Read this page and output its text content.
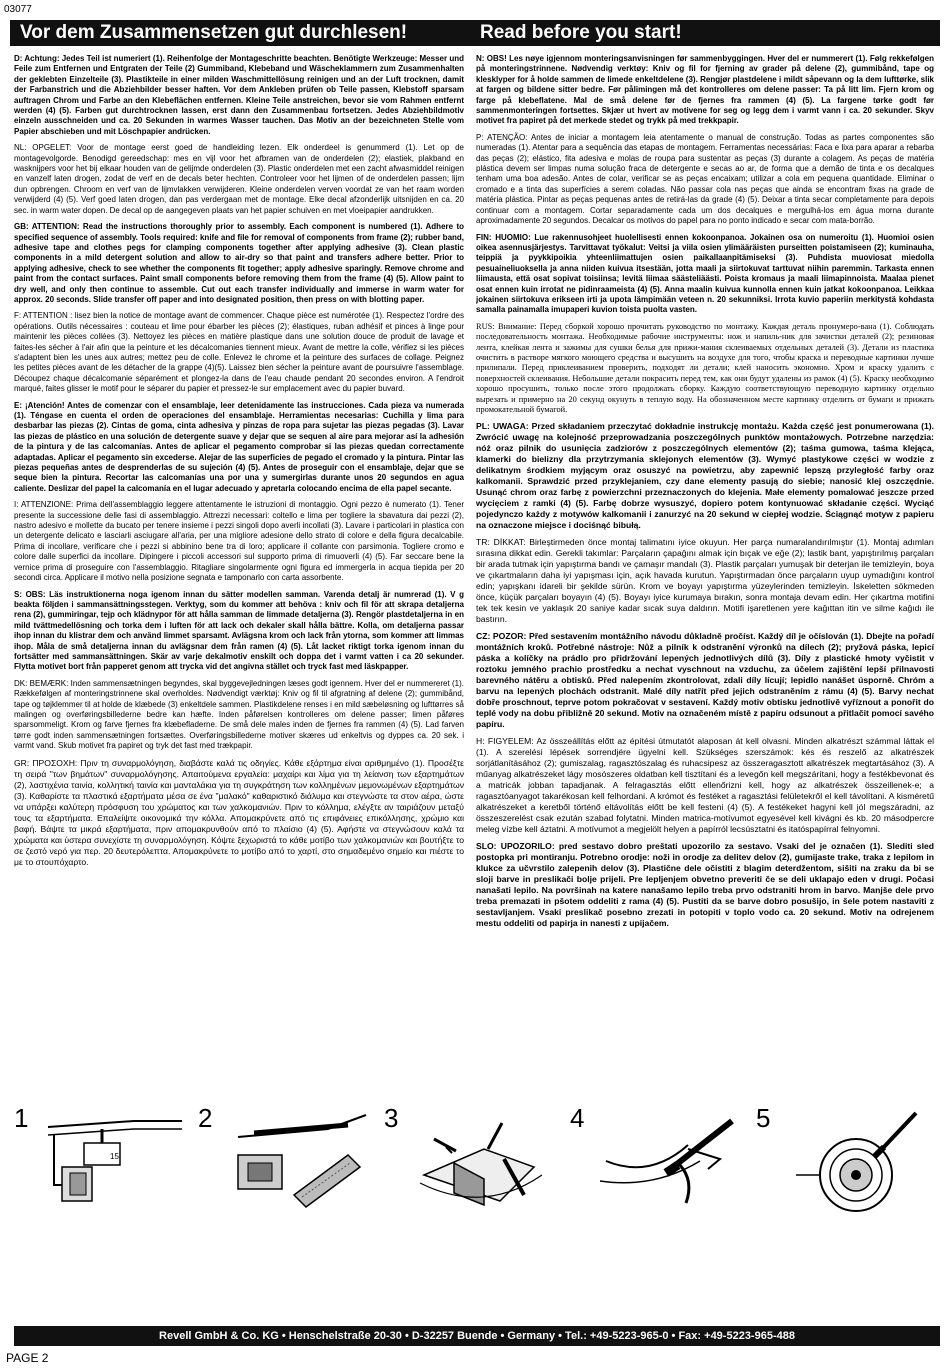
03077
Vor dem Zusammensetzen gut durchlesen!	Read before you start!

D: Achtung: Jedes Teil ist numeriert (1). Reihenfolge der Montageschritte beachten. Benötigte Werkzeuge: Messer und Feile zum Entfernen und Entgraten der Teile (2) Gummiband, Klebeband und Wäscheklammern zum Zusammenhalten der geklebten Einzelteile (3). Plastikteile in einer milden Waschmittellösung reinigen und an der Luft trocknen, damit der Farbanstrich und die Abziehbilder besser haften. Vor dem Ankleben prüfen ob Teile passen, Klebstoff sparsam auftragen Chrom und Farbe an den Klebeflächen entfernen. Kleine Teile anstreichen, bevor sie vom Rahmen entfernt werden (4) (5). Farben gut durchtrocknen lassen, erst dann den Zusammenbau fortsetzen. Jedes Abziehbildmotiv einzeln ausschneiden und ca. 20 Sekunden in warmes Wasser tauchen. Das Motiv an der bezeichneten Stelle vom Papier abschieben und mit Löschpapier andrücken.

NL: OPGELET: Voor de montage eerst goed de handleiding lezen. Elk onderdeel is genummerd (1). Let op de montagevolgorde. Benodigd gereedschap: mes en vijl voor het afbramen van de onderdelen (2); elastiek, plakband en wasknijpers voor het bij elkaar houden van de gelijmde onderdelen (3). Plastic onderdelen met een zacht afwasmiddel reinigen en vanzelf laten drogen, zodat de verf en de decals beter hechten. Controleer voor het lijmen of de onderdelen passen; lijm dun opbrengen. Chroom en verf van de lijmvlakken verwijderen. Kleine onderdelen verven voordat ze van het raam worden verwijderd (4) (5). Verf goed laten drogen, dan pas verdergaan met de montage. Elke decal afzonderlijk uitsnijden en ca. 20 sec. in warm water dopen. De decal op de aangegeven plaats van het papier schuiven en met vloeipapier aandrukken.

GB: ATTENTION: Read the instructions thoroughly prior to assembly. Each component is numbered (1). Adhere to specified sequence of assembly. Tools required: knife and file for removal of components from frame (2); rubber band, adhesive tape and clothes pegs for clamping components together after applying adhesive (3). Clean plastic components in a mild detergent solution and allow to air-dry so that paint and transfers adhere better. Prior to applying adhesive, check to see whether the components fit together; apply adhesive sparingly. Remove chrome and paint from the contact surfaces. Paint small components before removing them from the frame (4) (5). Allow paint to dry well, and only then continue to assemble. Cut out each transfer individually and immerse in warm water for approx. 20 seconds. Slide transfer off paper and into designated position, then press on with blotting paper.

F: ATTENTION : lisez bien la notice de montage avant de commencer. Chaque pièce est numérotée (1). Respectez l'ordre des opérations. Outils nécessaires : couteau et lime pour ébarber les pièces (2); élastiques, ruban adhésif et pinces à linge pour maintenir les pièces collées (3). Nettoyez les pièces en matière plastique dans une solution douce de produit de lavage et faites-les sécher à l'air afin que la peinture et les décalcomanies tiennent mieux. Avant de mettre la colle, vérifiez si les pièces s'adaptent bien les unes aux autres; mettez peu de colle. Enlevez le chrome et la peinture des surfaces de collage. Peignez les petites pièces avant de les détacher de la grappe (4)(5). Laissez bien sécher la peinture avant de poursuivre l'assemblage. Découpez chaque décalcomanie séparément et plongez-la dans de l'eau chaude pendant 20 secondes environ. A l'endroit marqué, faites glisser le motif pour le séparer du papier et pressez-le sur emplacement avec du papier buvard.

E: ¡Atención! Antes de comenzar con el ensamblaje, leer detenidamente las instrucciones. Cada pieza va numerada (1). Téngase en cuenta el orden de operaciones del ensamblaje. Herramientas necesarias: Cuchilla y lima para desbarbar las piezas (2). Cintas de goma, cinta adhesiva y pinzas de ropa para sujetar las piezas pegadas (3). Lavar las piezas de plástico en una solución de detergente suave y dejar que se sequen al aire para mejorar así la adhesión de la pintura y de las calcomanías. Antes de aplicar el pegamento comprobar si las piezas quedan correctamente adaptadas. Aplicar el pegamento sin excederse. Alejar de las superficies de pegado el cromado y la pintura. Pintar las piezas pequeñas antes de desprenderlas de su sujeción (4) (5). Antes de proseguir con el ensamblaje, dejar que se seque bien la pintura. Recortar las calcomanías una por una y sumergirlas durante unos 20 segundos en agua caliente. Deslizar del papel la calcomanía en el lugar adecuado y apretarla colocando encima de ella papel secante.

I: ATTENZIONE: Prima dell'assemblaggio leggere attentamente le istruzioni di montaggio. Ogni pezzo è numerato (1). Tener presente la successione delle fasi di assemblaggio. Attrezzi necessari: coltello e lima per togliere la sbavatura dai pezzi (2), nastro adesivo e mollette da bucato per tenere insieme i pezzi singoli dopo averli incollati (3). Lavare i particolari in plastica con un detergente delicato e lasciarli asciugare all'aria, per una migliore adesione dello strato di colore e della figura decalcabile. Prima di incollare, verificare che i pezzi si abbinino bene tra di loro; applicare il collante con parsimonia. Togliere cromo e colore dalle superfici da incollare. Dipingere i piccoli accessori sul supporto prima di rimuoverli (4) (5). Far seccare bene la vernice prima di proseguire con l'assemblaggio. Ritagliare singolarmente ogni figura ed immergerla in acqua tiepida per 20 secondi circa. Applicare il motivo nella posizione segnata e tamponarlo con carta assorbente.

S: OBS: Läs instruktionerna noga igenom innan du sätter modellen samman. Varenda detalj är numrerad (1). V g beakta följden i sammansättningsstegen. Verktyg, som du kommer att behöva : kniv och fil för att skrapa detaljerna rena (2), gummiringar, tejp och klädnypor för att hålla samman de limmade detaljerna (3). Rengör plastdetaljerna in en mild tvättmedellösning och torka dem i luften för att lack och dekaler skall hålla bättre. Kolla, om detaljerna passar ihop innan du klistrar dem och använd limmet sparsamt. Avlägsna krom och lack från ytorna, som kommer att limmas ihop. Måla de små detaljerna innan du avlägsnar dem från ramen (4) (5). Låt lacket riktigt torka igenom innan du fortsätter med sammansättningen. Skär av varje dekalmotiv enskilt och doppa det i varmt vatten i ca 20 sekunder. Flytta motivet bort från papperet genom att trycka vid det angivna stället och tryck fast med läskpapper.

DK: BEMÆRK: Inden sammensætningen begyndes, skal byggevejledningen læses godt igennem. Hver del er nummereret (1). Rækkefølgen af monteringstrinnene skal overholdes. Nødvendigt værktøj: Kniv og fil til afgratning af delene (2); gummibånd, tape og tøjklemmer til at holde de klæbede (3) enkeltdele sammen. Plastikdelene renses i en mild sæbeløsning og lufttørres så malingen og overføringsbillederne bedre kan hæfte. Inden påførelsen kontrolleres om delene passer; limen påføres sparsommeligt. Krom og farve fjernes fra klæbefladerne. De små dele males inden de fjernes fra rammen (4) (5). Lad farven tørre godt inden sammensætningen fortsættes. Overføringsbillederne motiver skæres ud enkeltvis og dyppes ca. 20 sek. i varmt vand. Skub motivet fra papiret og tryk det fast med trækpapir.

GR: ΠΡΟΣΟΧΗ: Πριν τη συναρμολόγηση, διαβάστε καλά τις οδηγίες. Κάθε εξάρτημα είναι αριθμημένο (1). Προσέξτε τη σειρά "των βημάτων" συναρμολόγησης. Απαιτούμενα εργαλεία: μαχαίρι και λίμα για τη λείανση των εξαρτημάτων (2), λαστιχένια ταινία, κολλητική ταινία και μανταλάκια για τη συγκράτηση των κολλημένων μεμονωμένων εξαρτημάτων (3). Καθαρίστε τα πλαστικά εξαρτήματα μέσα σε ένα "μαλακό" καθαριστικό διάλυμα και στεγνώστε τα στον αέρα, ώστε να υπάρξει καλύτερη πρόσφυση του χρώματος και των χαλκομανιών. Πριν το κόλλημα, ελέγξτε αν ταιριάζουν μεταξύ τους τα εξαρτήματα. Επαλείψτε οικονομικά την κόλλα. Απομακρύνετε από τις επιφάνειες επικόλλησης, χρώμιο και βαφή. Βάψτε τα μικρά εξαρτήματα, πριν απομακρυνθούν από το πλαίσιο (4) (5). Αφήστε να στεγνώσουν καλά τα χρώματα και ύστερα συνεχίστε τη συναρμολόγηση. Κόψτε ξεχωριστά το κάθε μοτίβο των χαλκομανιών και βουτήξτε το σε ζεστό νερό για περ. 20 δευτερόλεπτα. Απομακρύνετε το μοτίβο από το χαρτί, στο σημαδεμένο σημείο και πιέστε το με το στουπόχαρτο.

N: OBS! Les nøye igjennom monteringsanvisningen før sammenbyggingen. Hver del er nummerert (1). Følg rekkefølgen på monteringstrinnene. Nødvendig verktøy: Kniv og fil for fjerning av grader på delene (2), gummibånd, tape og klesklyper for å holde sammen de limede enkeltdelene (3). Rengjør plastdelene i mildt såpevann og la dem lufttørke, slik at fargen og bildene sitter bedre. Før pålimingen må det kontrolleres om delene passer: Ta på litt lim. Fjern krom og farge på klebeflatene. Mal de små delene før de fjernes fra rammen (4) (5). La fargene tørke godt før sammenmonteringen fortsettes. Skjær ut hvert av motivene for seg og legg dem i varmt vann i ca. 20 sekunder. Skyv motivet fra papiret på det merkede stedet og trykk på med trekkpapir.

P: ATENÇÃO: Antes de iniciar a montagem leia atentamente o manual de construção. Todas as partes componentes são numeradas (1). Atentar para a sequência das etapas de montagem. Ferramentas necessárias: Faca e lixa para aparar a rebarba das peças (2); elástico, fita adesiva e molas de roupa para sustentar as peças (3) durante a colagem. As peças de matéria plástica devem ser limpas numa solução fraca de detergente e secas ao ar, de forma que a demão de tinta e os decalques tenham uma boa adesão. Antes de colar, verificar se as peças encaixam; utilizar a cola em pequena quantidade. Eliminar o cromado e a tinta das superfícies a serem coladas. Não passar cola nas peças que ainda se encontram fixas na grade de matéria plástica. Pintar as peças pequenas antes de retirá-las da grade (4) (5). Deixar a tinta secar completamente para depois continuar com a montagem. Cortar separadamente cada um dos decalques e mergulhá-los em água morna durante aproximadamente 20 segundos. Decalcar os motivos do papel para no ponto indicado e secar com mata-borrão.

FIN: HUOMIO: Lue rakennusohjeet huolellisesti ennen kokoonpanoa. Jokainen osa on numeroitu (1). Huomioi osien oikea asennusjärjestys. Tarvittavat työkalut: Veitsi ja viila osien ylimääräisten purseitten poistamiseen (2); kuminauha, teippiä ja pyykkipoikia yhteenliimattujen osien paikallaanpitämiseksi (3). Puhdista muoviosat miedolla pesuaineliuoksella ja anna niiden kuivua itsestään, jotta maali ja siirtokuvat tarttuvat niihin paremmin. Tarkasta ennen liimausta, että osat sopivat toisiinsa; levitä liimaa säästeliäästi. Poista kromaus ja maali liimapinnoista. Maalaa pienet osat ennen kuin irrotat ne pidinraameista (4) (5). Anna maalin kuivua kunnolla ennen kuin jatkat kokoonpanoa. Leikkaa jokainen siirtokuva erikseen irti ja upota lämpimään veteen n. 20 sekunniksi. Irrota kuvio paperiin merkitystä kohdasta samalla painamalla imupaperi kuvion toista puolta vasten.

RUS: Внимание: Перед сборкой хорошо прочитать руководство по монтажу. Каждая деталь пронумеро-вана (1). Соблюдать последовательность монтажа. Необходимые рабочие инструменты: нож и напиль-ник для зачистки деталей (2); резиновая лента, клейкая лента и зажимы для сушки белья для прижи-мания склеиваемых отдельных деталей (3). Детали из пластика очистить в растворе мягкого моющего средства и высушить на воздухе для того, чтобы краска и переводные картинки лучше прилипали. Перед приклеиванием проверить, подходят ли детали; клей наносить экономно. Хром и краску удалить с поверхностей склеивания. Небольшие детали покрасить перед тем, как они будут удалены из рамок (4) (5). Краску необходимо хорошо просушить, только после этого продолжать сборку. Каждую соответствующую переводную картинку отдельно вырезать и примерно на 20 секунд окунуть в теплую воду. На обозначенном месте картинку отделить от бумаги и прижать промокательной бумагой.

PL: UWAGA: Przed składaniem przeczytać dokładnie instrukcję montażu. Każda część jest ponumerowana (1). Zwrócić uwagę na kolejność przeprowadzania poszczególnych punktów montażowych. Potrzebne narzędzia: nóż oraz pilnik do usunięcia zadziorów z poszczególnych elementów (2); taśma gumowa, taśma klejąca, klamerki do bielizny dla przytrzymania sklejonych elementów (3). Wymyć plastykowe części w wodzie z delikatnym środkiem myjącym oraz osuszyć na powietrzu, aby zapewnić lepszą przyległość farby oraz kalkomanii. Sprawdzić przed przyklejaniem, czy dane elementy pasują do siebie; nanosić klej oszczędnie. Usunąć chrom oraz farbę z powierzchni przeznaczonych do klejenia. Małe elementy pomalować jeszcze przed wycięciem z ramki (4) (5). Farbę dobrze wysuszyć, dopiero potem kontynuować składanie części. Wyciąć pojedynczo każdy z motywów kalkomanii i zanurzyć na 20 sekund w ciepłej wodzie. Ściągnąć motyw z papieru na oznaczone miejsce i dociśnąć bibułą.

TR: DİKKAT: Birleştirmeden önce montaj talimatını iyice okuyun. Her parça numaralandırılmıştır (1). Montaj adımları sırasına dikkat edin. Gerekli takımlar: Parçaların çapağını almak için bıçak ve eğe (2); lastik bant, yapıştırılmış parçaları bir arada tutmak için yapıştırma bandı ve çamaşır mandalı (3). Plastik parçaları yumuşak bir deterjan ile temizleyin, boya ve çıkartmaların daha iyi yapışması için, açık havada kurutun. Yapıştırmadan önce parçaların uyup uymadığını kontrol edin; yapışkanı idareli bir şekilde sürün. Krom ve boyayı yapıştırma yüzeylerinden temizleyin. İskeletten sökmeden önce, küçük parçaları boyayın (4) (5). Boyayı iyice kurumaya bırakın, sonra montaja devam edin. Her çıkartma motifini tek tek kesin ve yaklaşık 20 saniye kadar sıcak suya daldırın. Motifi işaretlenen yere kağıttan itin ve silme kağıdı ile bastırın.

CZ: POZOR: Před sestavením montážního návodu důkladně pročíst. Každý díl je očíslován (1). Dbejte na pořadí montážních kroků. Potřebné nástroje: Nůž a pilník k odstranění výronků na dílech (2); pryžová páska, lepicí páska a kolíčky na prádlo pro přidržování lepených jednotlivých dílů (3). Díly z plastické hmoty vyčistit v roztoku jemného prachio prostředku a nechat vyschnout na vzduchu, za účelem zajištění lepší přilnavosti barevného nátěru a obtisků. Před nalepením zkontrolovat, zdali díly lícují; lepidlo nanášet úsporně. Chróm a barvu na lepených plochách odstranit. Malé díly natřít před jejich odstraněním z rámu (4) (5). Barvy nechat dobře proschnout, teprve potom pokračovat v sestavení. Každý motiv obtisku jednotlivě vyříznout a ponořit do teplé vody na dobu přibližně 20 sekund. Motiv na označeném místě z papíru odsunout a přitlačit pomocí savého papíru.

H: FIGYELEM: Az összeállítás előtt az építési útmutatót alaposan át kell olvasni. Minden alkatrészt számmal láttak el (1). A szerelési lépések sorrendjére ügyelni kell. Szükséges szerszámok: kés és reszelő az alkatrészek sorjátlanításához (2); gumiszalag, ragasztószalag és ruhacsipesz az összeragasztott alkatrészek megtartásához (3). A műanyag alkatrészeket lágy mosószeres oldatban kell tisztítani és a levegőn kell megszárítani, hogy a festékbevonat és a matricák jobban tapadjanak. A felragasztás előtt ellenőrizni kell, hogy az alkatrészek összeillenek-e; a ragasztóanyagot takarékosan kell felhordani. A krómot és festéket a ragasztási felületekről el kell távolítani. A kisméretű alkatrészeket a keretből történő eltávolítás előtt be kell festeni (4) (5). A festékeket hagyni kell jól megszáradni, az összeszerelést csak ezután szabad folytatni. Minden matrica-motívumot egyesével kell kivágni és kb. 20 másodpercre meleg vízbe kell áztatni. A motívumot a megjelölt helyen a papírról lecsúsztatni és itatóspapírral felnyomni.

SLO: UPOZORILO: pred sestavo dobro preštati upozorilo za sestavo. Vsaki del je označen (1). Slediti sled postopka pri montiranju. Potrebno orodje: noži in orodje za delitev delov (2), gumijaste trake, traka z lepilom in klukce za učvrstilo zalepenih delov (3). Plastične dele očistiti z blagim deterdžentom, sišiti na zraku da bi se sloji barve in preslikači bolje prijeli. Pre lepljenjem obvetno preveriti če se deli uklapajo eden v drugi. Počasi nanašati lepilo. Na površinah na katere nanašamo lepilo treba prvo odstraniti hrom in barvo. Manjše dele prvo treba premazati in pšotem oddeliti z rama (4) (5). Pustiti da se barve dobro posušijo, in šele potem nastaviti z sestavljanjem. Vsaki preslikač posebno zrezati in potopiti v toplo vodo ca. 20 sekund. Motiv na odrejenem mestu oddeliti od papirja in nanesti z upijačem.

1
15
2	3	4	5
Revell GmbH & Co. KG • Henschelstraße 20-30 • D-32257 Buende • Germany • Tel.: +49-5223-965-0 • Fax: +49-5223-965-488
PAGE 2
